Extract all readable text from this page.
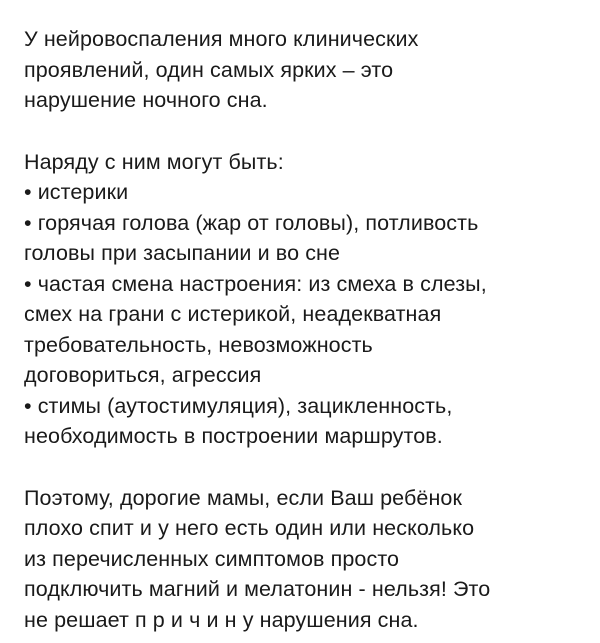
У нейровоспаления много клинических
проявлений, один самых ярких – это
нарушение ночного сна.

Наряду с ним могут быть:
• истерики
• горячая голова (жар от головы), потливость
головы при засыпании и во сне
• частая смена настроения: из смеха в слезы,
смех на грани с истерикой, неадекватная
требовательность, невозможность
договориться, агрессия
• стимы (аутостимуляция), зацикленность,
необходимость в построении маршрутов.

Поэтому, дорогие мамы, если Ваш ребёнок
плохо спит и у него есть один или несколько
из перечисленных симптомов просто
подключить магний и мелатонин - нельзя! Это
не решает п р и ч и н у нарушения сна.
